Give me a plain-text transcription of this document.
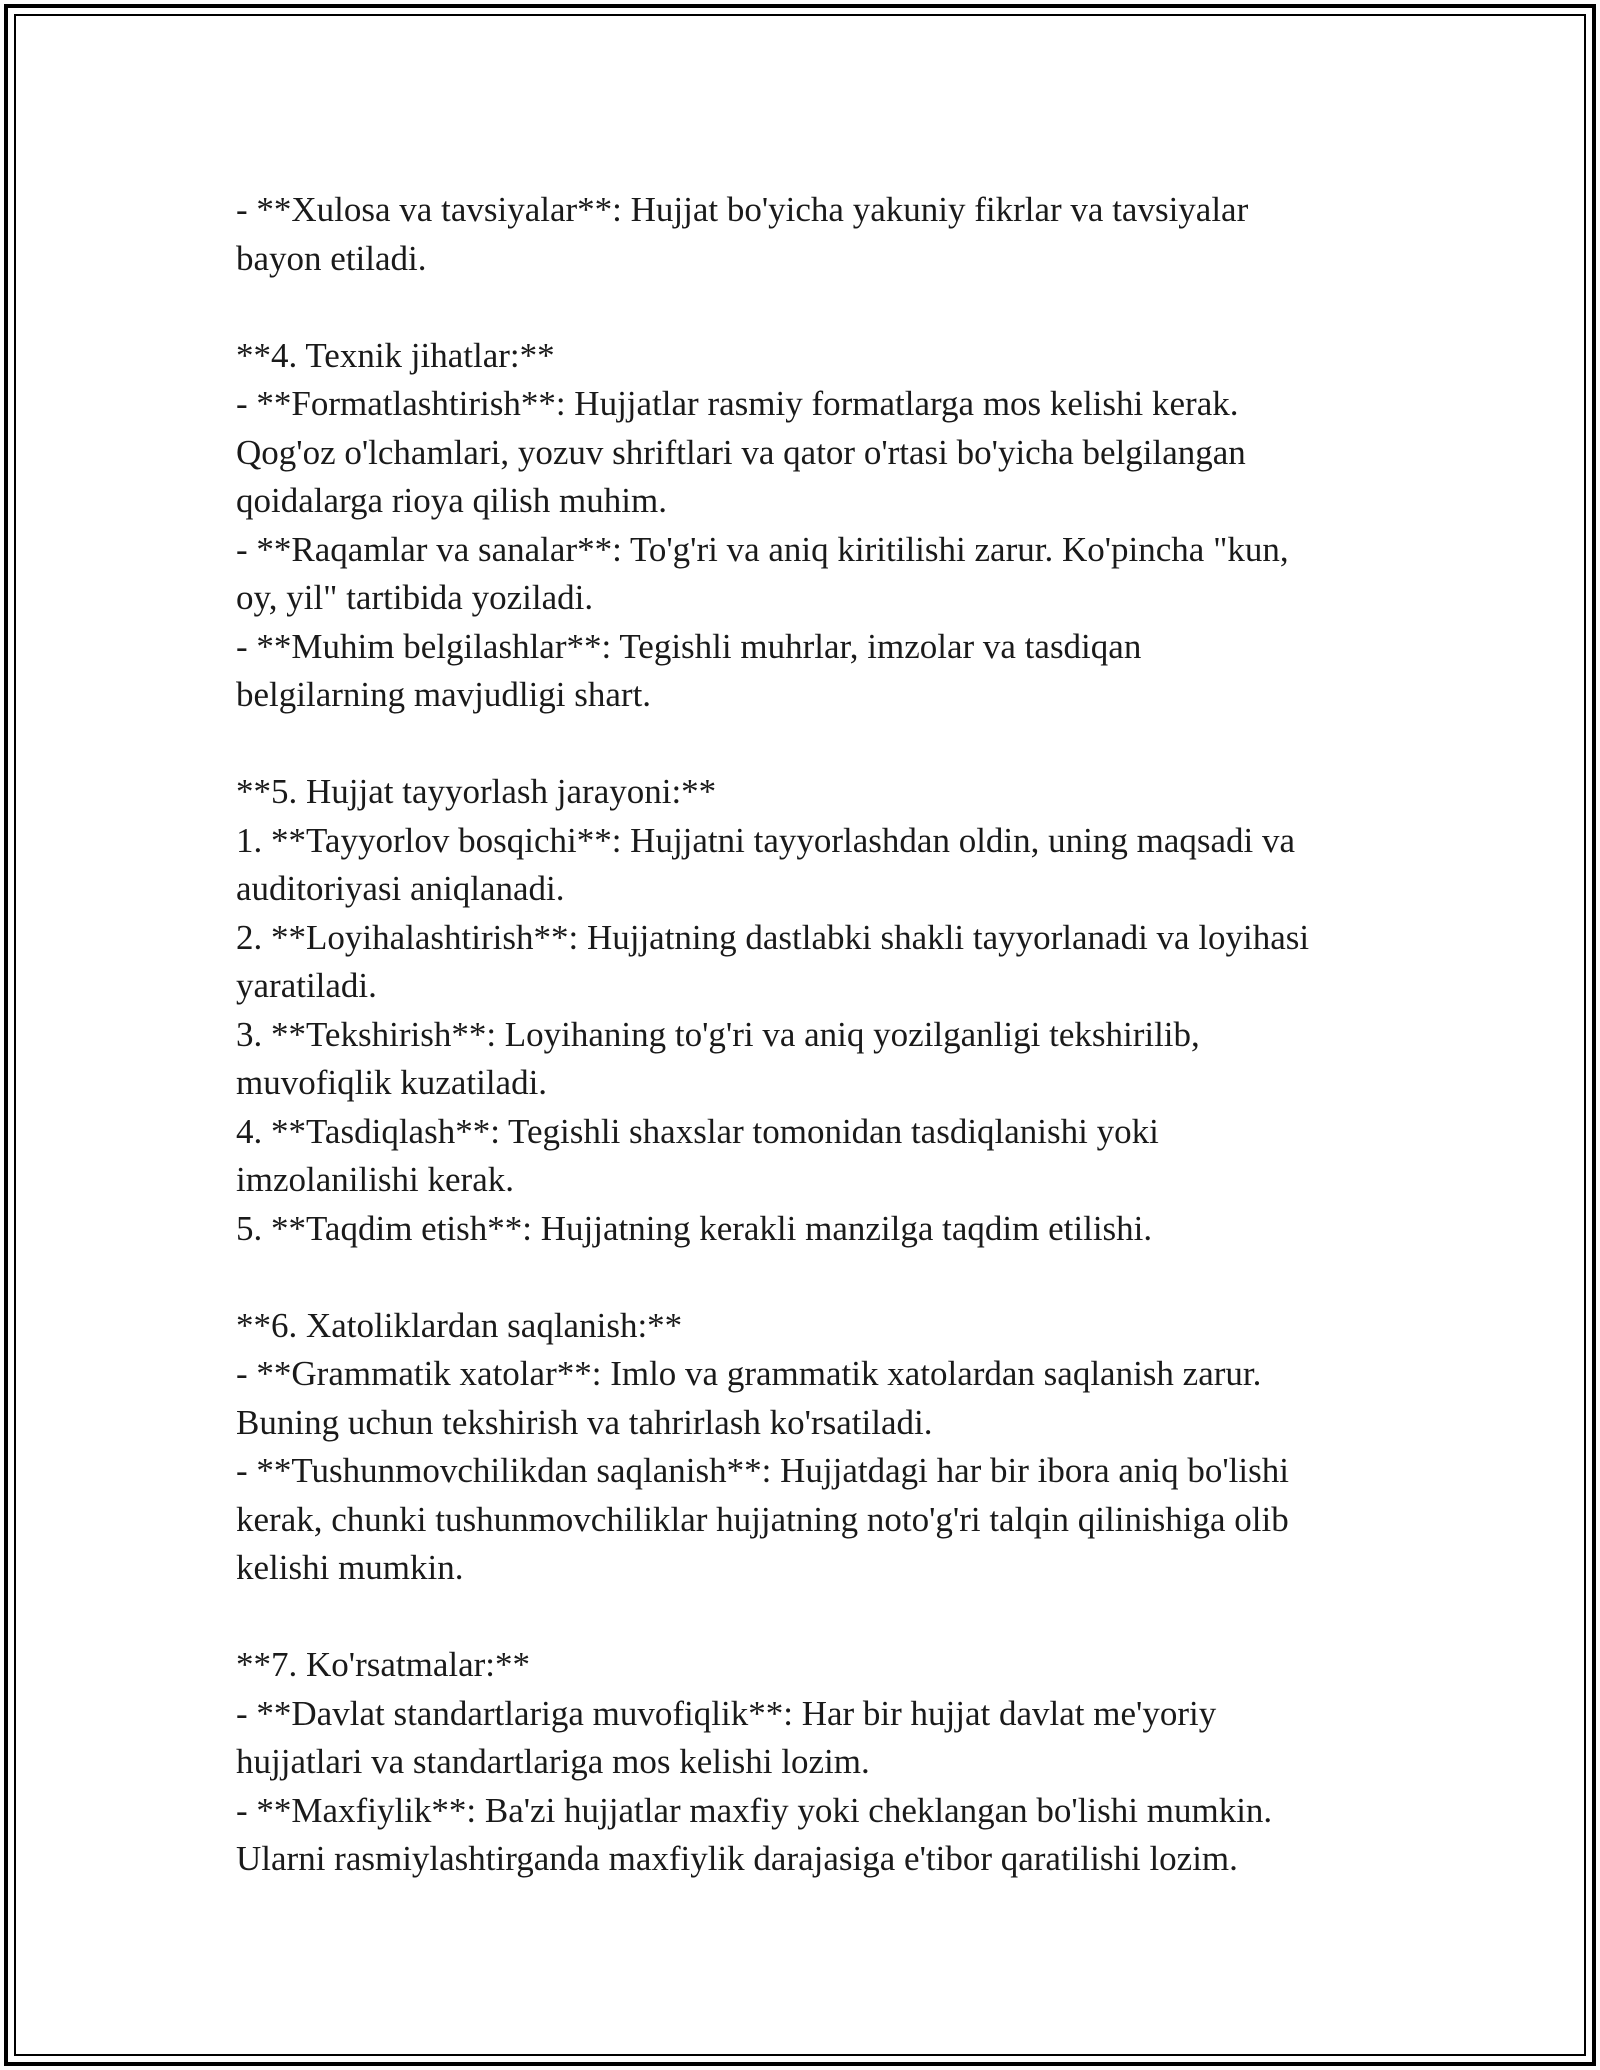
- **Xulosa va tavsiyalar**: Hujjat bo'yicha yakuniy fikrlar va tavsiyalar
bayon etiladi.
**4. Texnik jihatlar:**
- **Formatlashtirish**: Hujjatlar rasmiy formatlarga mos kelishi kerak.
Qog'oz o'lchamlari, yozuv shriftlari va qator o'rtasi bo'yicha belgilangan
qoidalarga rioya qilish muhim.
- **Raqamlar va sanalar**: To'g'ri va aniq kiritilishi zarur. Ko'pincha "kun,
oy, yil" tartibida yoziladi.
- **Muhim belgilashlar**: Tegishli muhrlar, imzolar va tasdiqan
belgilarning mavjudligi shart.
**5. Hujjat tayyorlash jarayoni:**
1. **Tayyorlov bosqichi**: Hujjatni tayyorlashdan oldin, uning maqsadi va
auditoriyasi aniqlanadi.
2. **Loyihalashtirish**: Hujjatning dastlabki shakli tayyorlanadi va loyihasi
yaratiladi.
3. **Tekshirish**: Loyihaning to'g'ri va aniq yozilganligi tekshirilib,
muvofiqlik kuzatiladi.
4. **Tasdiqlash**: Tegishli shaxslar tomonidan tasdiqlanishi yoki
imzolanilishi kerak.
5. **Taqdim etish**: Hujjatning kerakli manzilga taqdim etilishi.
**6. Xatoliklardan saqlanish:**
- **Grammatik xatolar**: Imlo va grammatik xatolardan saqlanish zarur.
Buning uchun tekshirish va tahrirlash ko'rsatiladi.
- **Tushunmovchilikdan saqlanish**: Hujjatdagi har bir ibora aniq bo'lishi
kerak, chunki tushunmovchiliklar hujjatning noto'g'ri talqin qilinishiga olib
kelishi mumkin.
**7. Ko'rsatmalar:**
- **Davlat standartlariga muvofiqlik**: Har bir hujjat davlat me'yoriy
hujjatlari va standartlariga mos kelishi lozim.
- **Maxfiylik**: Ba'zi hujjatlar maxfiy yoki cheklangan bo'lishi mumkin.
Ularni rasmiylashtirganda maxfiylik darajasiga e'tibor qaratilishi lozim.
